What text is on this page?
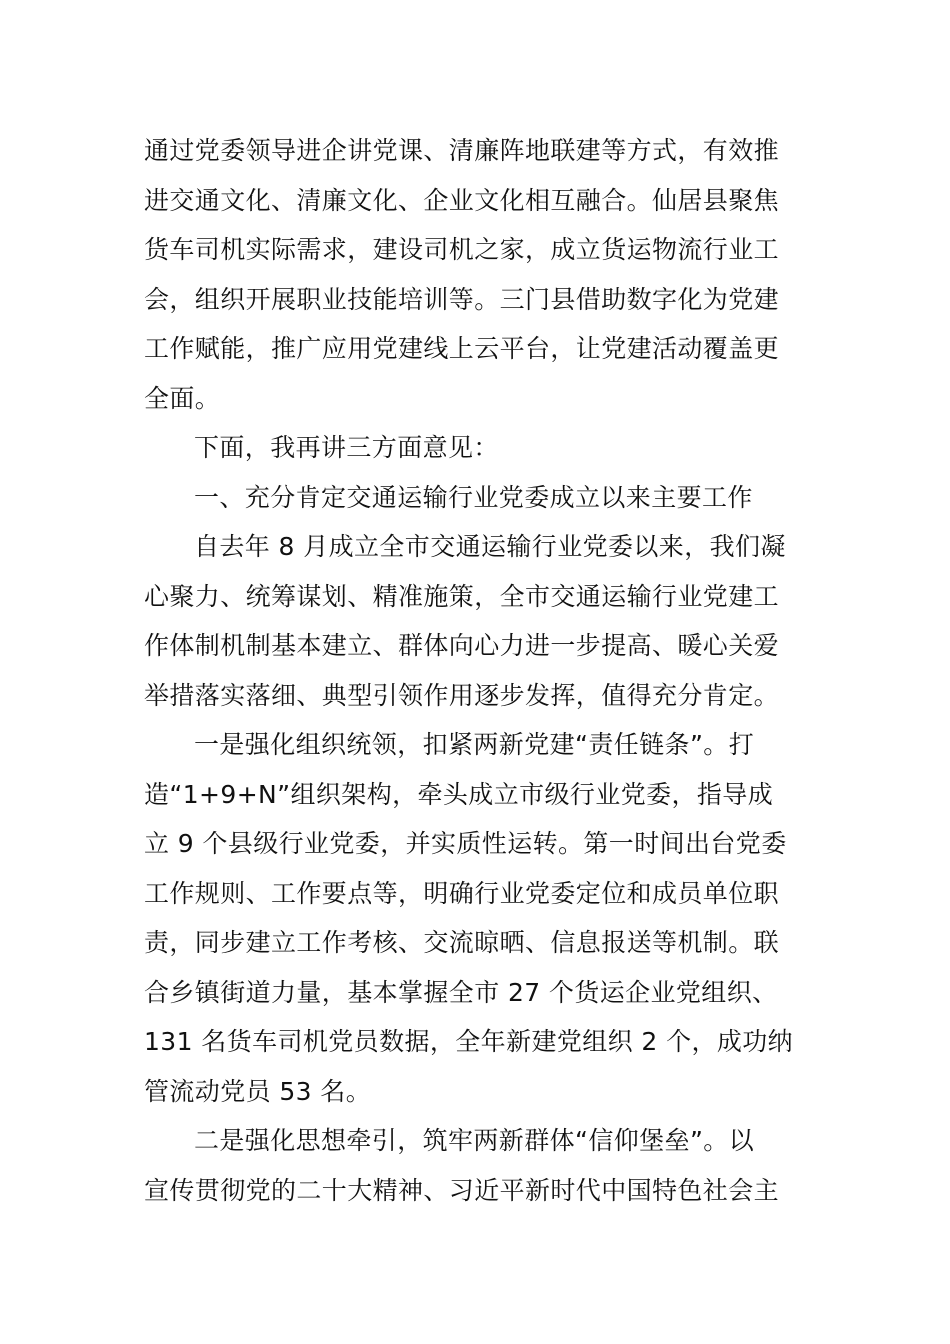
通过党委领导进企讲党课、清廉阵地联建等方式，有效推
进交通文化、清廉文化、企业文化相互融合。仙居县聚焦
货车司机实际需求，建设司机之家，成立货运物流行业工
会，组织开展职业技能培训等。三门县借助数字化为党建
工作赋能，推广应用党建线上云平台，让党建活动覆盖更
全面。
下面，我再讲三方面意见：
一、充分肯定交通运输行业党委成立以来主要工作
自去年 8 月成立全市交通运输行业党委以来，我们凝
心聚力、统筹谋划、精准施策，全市交通运输行业党建工
作体制机制基本建立、群体向心力进一步提高、暖心关爱
举措落实落细、典型引领作用逐步发挥，值得充分肯定。
一是强化组织统领，扣紧两新党建“责任链条”。打
造“1+9+N”组织架构，牵头成立市级行业党委，指导成
立 9 个县级行业党委，并实质性运转。第一时间出台党委
工作规则、工作要点等，明确行业党委定位和成员单位职
责，同步建立工作考核、交流晾晒、信息报送等机制。联
合乡镇街道力量，基本掌握全市 27 个货运企业党组织、
131 名货车司机党员数据，全年新建党组织 2 个，成功纳
管流动党员 53 名。
二是强化思想牵引，筑牢两新群体“信仰堡垒”。以
宣传贯彻党的二十大精神、习近平新时代中国特色社会主
